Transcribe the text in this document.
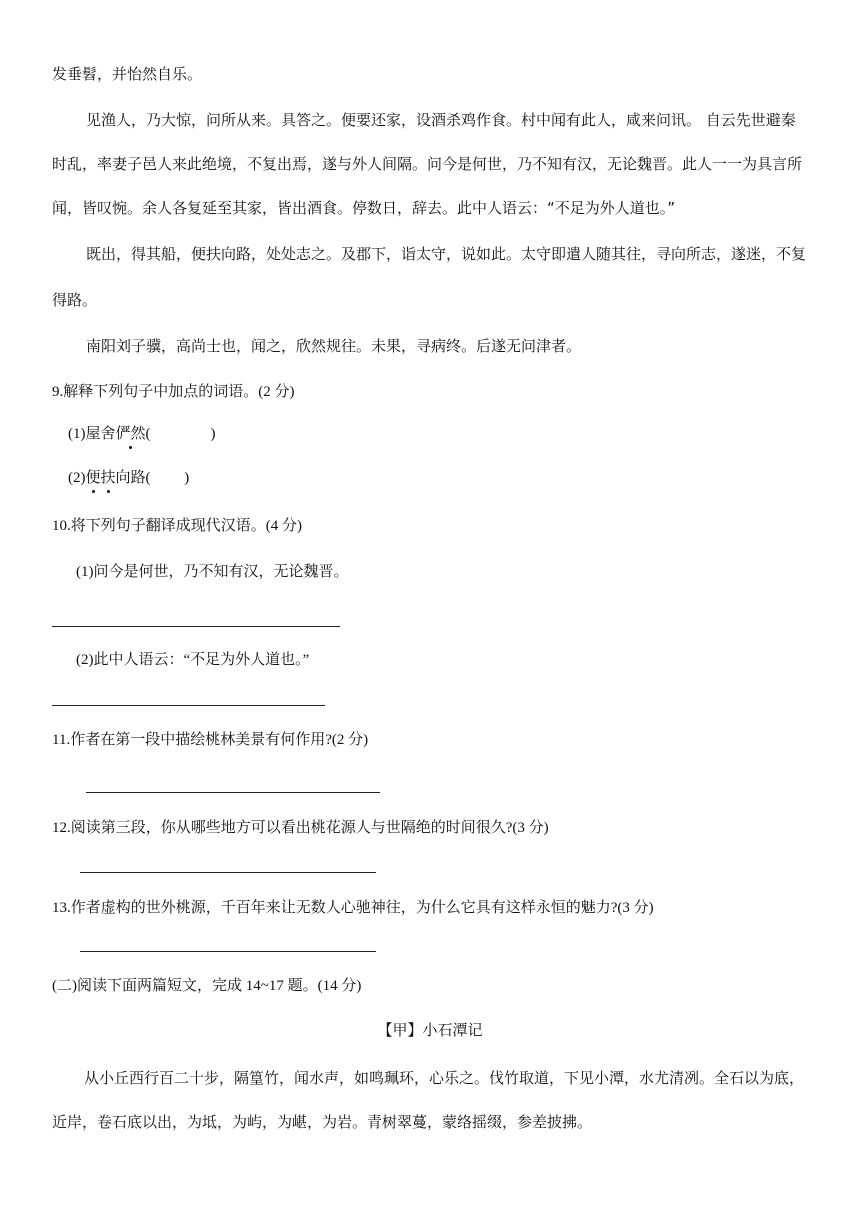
发垂髫，并怡然自乐。
见渔人，乃大惊，问所从来。具答之。便要还家，设酒杀鸡作食。村中闻有此人，咸来问讯。 自云先世避秦
时乱，率妻子邑人来此绝境，不复出焉，遂与外人间隔。问今是何世，乃不知有汉，无论魏晋。此人一一为具言所
闻，皆叹惋。余人各复延至其家，皆出酒食。停数日，辞去。此中人语云：“不足为外人道也。”
既出，得其船，便扶向路，处处志之。及郡下，诣太守，说如此。太守即遣人随其往，寻向所志，遂迷，不复
得路。
南阳刘子骥，高尚士也，闻之，欣然规往。未果，寻病终。后遂无问津者。
9.解释下列句子中加点的词语。(2 分)
(1)屋舍俨然(　　　　)
(2)便扶向路(　　 )
10.将下列句子翻译成现代汉语。(4 分)
(1)问今是何世，乃不知有汉，无论魏晋。
(2)此中人语云：“不足为外人道也。”
11.作者在第一段中描绘桃林美景有何作用?(2 分)
12.阅读第三段，你从哪些地方可以看出桃花源人与世隔绝的时间很久?(3 分)
13.作者虚构的世外桃源，千百年来让无数人心驰神往，为什么它具有这样永恒的魅力?(3 分)
(二)阅读下面两篇短文，完成 14~17 题。(14 分)
【甲】小石潭记
从小丘西行百二十步，隔篁竹，闻水声，如鸣珮环，心乐之。伐竹取道，下见小潭，水尤清冽。全石以为底，
近岸，卷石底以出，为坻，为屿，为嵁，为岩。青树翠蔓，蒙络摇缀，参差披拂。
